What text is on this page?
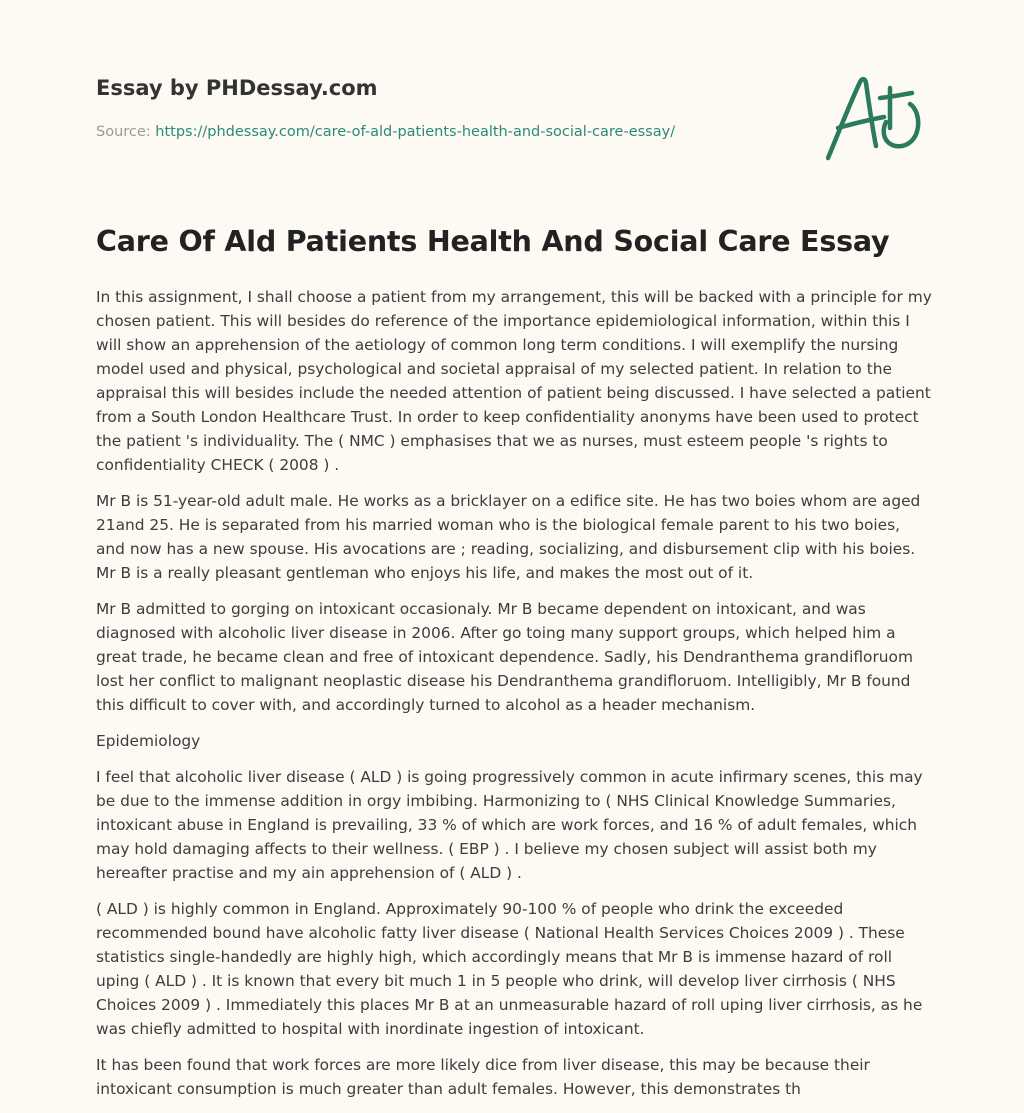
Essay by PHDessay.com
Source: https://phdessay.com/care-of-ald-patients-health-and-social-care-essay/
Care Of Ald Patients Health And Social Care Essay

In this assignment, I shall choose a patient from my arrangement, this will be backed with a principle for my chosen patient. This will besides do reference of the importance epidemiological information, within this I will show an apprehension of the aetiology of common long term conditions. I will exemplify the nursing model used and physical, psychological and societal appraisal of my selected patient. In relation to the appraisal this will besides include the needed attention of patient being discussed. I have selected a patient from a South London Healthcare Trust. In order to keep confidentiality anonyms have been used to protect the patient 's individuality. The ( NMC ) emphasises that we as nurses, must esteem people 's rights to confidentiality CHECK ( 2008 ) .

Mr B is 51-year-old adult male. He works as a bricklayer on a edifice site. He has two boies whom are aged 21and 25. He is separated from his married woman who is the biological female parent to his two boies, and now has a new spouse. His avocations are ; reading, socializing, and disbursement clip with his boies. Mr B is a really pleasant gentleman who enjoys his life, and makes the most out of it.

Mr B admitted to gorging on intoxicant occasionaly. Mr B became dependent on intoxicant, and was diagnosed with alcoholic liver disease in 2006. After go toing many support groups, which helped him a great trade, he became clean and free of intoxicant dependence. Sadly, his Dendranthema grandifloruom lost her conflict to malignant neoplastic disease his Dendranthema grandifloruom. Intelligibly, Mr B found this difficult to cover with, and accordingly turned to alcohol as a header mechanism.

Epidemiology

I feel that alcoholic liver disease ( ALD ) is going progressively common in acute infirmary scenes, this may be due to the immense addition in orgy imbibing. Harmonizing to ( NHS Clinical Knowledge Summaries, intoxicant abuse in England is prevailing, 33 % of which are work forces, and 16 % of adult females, which may hold damaging affects to their wellness. ( EBP ) . I believe my chosen subject will assist both my hereafter practise and my ain apprehension of ( ALD ) .

( ALD ) is highly common in England. Approximately 90-100 % of people who drink the exceeded recommended bound have alcoholic fatty liver disease ( National Health Services Choices 2009 ) . These statistics single-handedly are highly high, which accordingly means that Mr B is immense hazard of roll uping ( ALD ) . It is known that every bit much 1 in 5 people who drink, will develop liver cirrhosis ( NHS Choices 2009 ) . Immediately this places Mr B at an unmeasurable hazard of roll uping liver cirrhosis, as he was chiefly admitted to hospital with inordinate ingestion of intoxicant.

It has been found that work forces are more likely dice from liver disease, this may be because their intoxicant consumption is much greater than adult females. However, this demonstrates th
